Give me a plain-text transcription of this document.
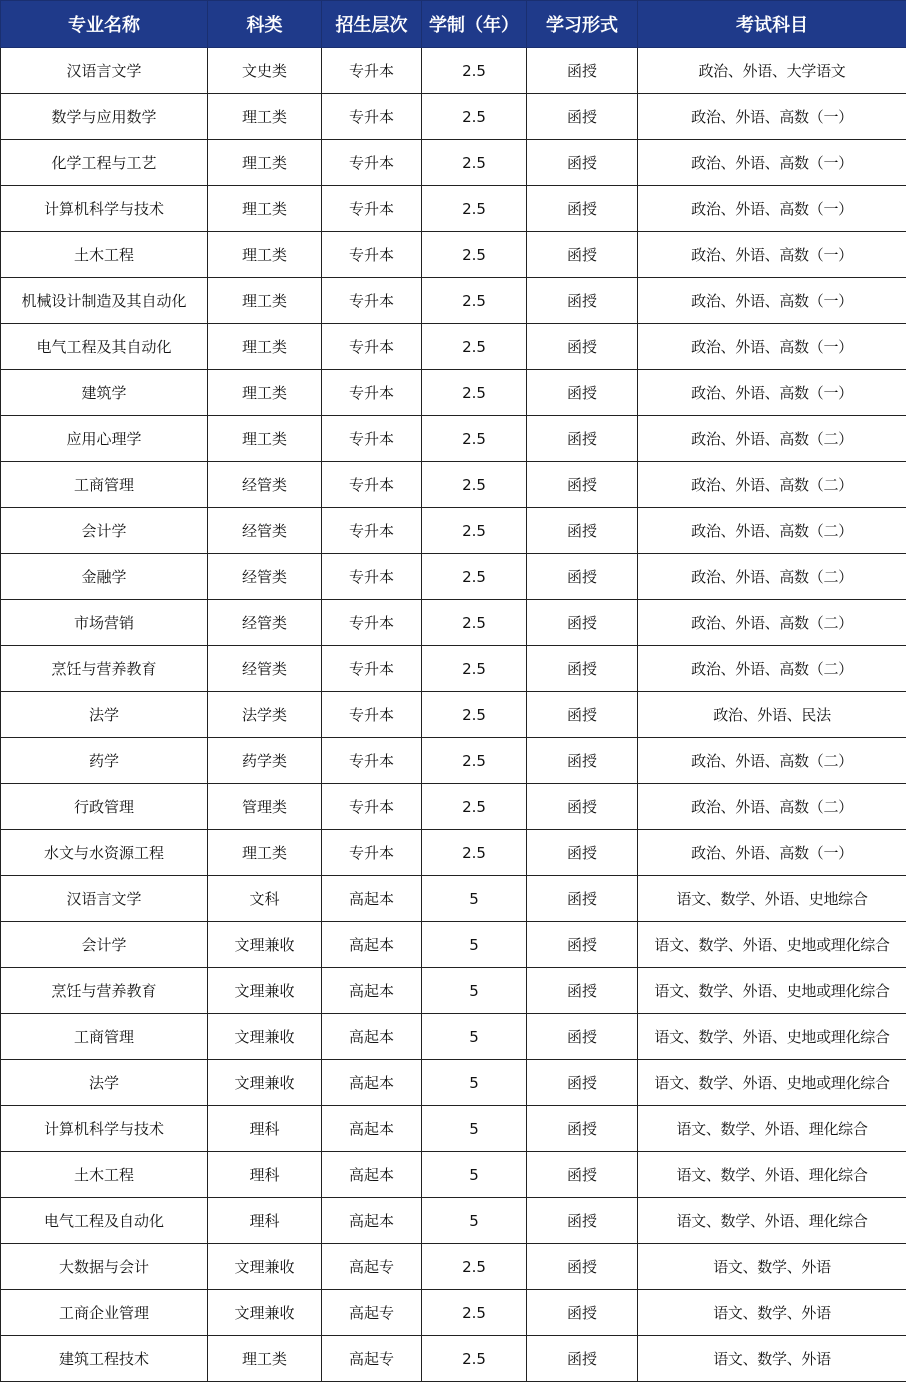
专业名称	科类	招生层次	学制（年）	学习形式	考试科目
汉语言文学	文史类	专升本	2.5	函授	政治、外语、大学语文
数学与应用数学	理工类	专升本	2.5	函授	政治、外语、高数（一）
化学工程与工艺	理工类	专升本	2.5	函授	政治、外语、高数（一）
计算机科学与技术	理工类	专升本	2.5	函授	政治、外语、高数（一）
土木工程	理工类	专升本	2.5	函授	政治、外语、高数（一）
机械设计制造及其自动化	理工类	专升本	2.5	函授	政治、外语、高数（一）
电气工程及其自动化	理工类	专升本	2.5	函授	政治、外语、高数（一）
建筑学	理工类	专升本	2.5	函授	政治、外语、高数（一）
应用心理学	理工类	专升本	2.5	函授	政治、外语、高数（二）
工商管理	经管类	专升本	2.5	函授	政治、外语、高数（二）
会计学	经管类	专升本	2.5	函授	政治、外语、高数（二）
金融学	经管类	专升本	2.5	函授	政治、外语、高数（二）
市场营销	经管类	专升本	2.5	函授	政治、外语、高数（二）
烹饪与营养教育	经管类	专升本	2.5	函授	政治、外语、高数（二）
法学	法学类	专升本	2.5	函授	政治、外语、民法
药学	药学类	专升本	2.5	函授	政治、外语、高数（二）
行政管理	管理类	专升本	2.5	函授	政治、外语、高数（二）
水文与水资源工程	理工类	专升本	2.5	函授	政治、外语、高数（一）
汉语言文学	文科	高起本	5	函授	语文、数学、外语、史地综合
会计学	文理兼收	高起本	5	函授	语文、数学、外语、史地或理化综合
烹饪与营养教育	文理兼收	高起本	5	函授	语文、数学、外语、史地或理化综合
工商管理	文理兼收	高起本	5	函授	语文、数学、外语、史地或理化综合
法学	文理兼收	高起本	5	函授	语文、数学、外语、史地或理化综合
计算机科学与技术	理科	高起本	5	函授	语文、数学、外语、理化综合
土木工程	理科	高起本	5	函授	语文、数学、外语、理化综合
电气工程及自动化	理科	高起本	5	函授	语文、数学、外语、理化综合
大数据与会计	文理兼收	高起专	2.5	函授	语文、数学、外语
工商企业管理	文理兼收	高起专	2.5	函授	语文、数学、外语
建筑工程技术	理工类	高起专	2.5	函授	语文、数学、外语
